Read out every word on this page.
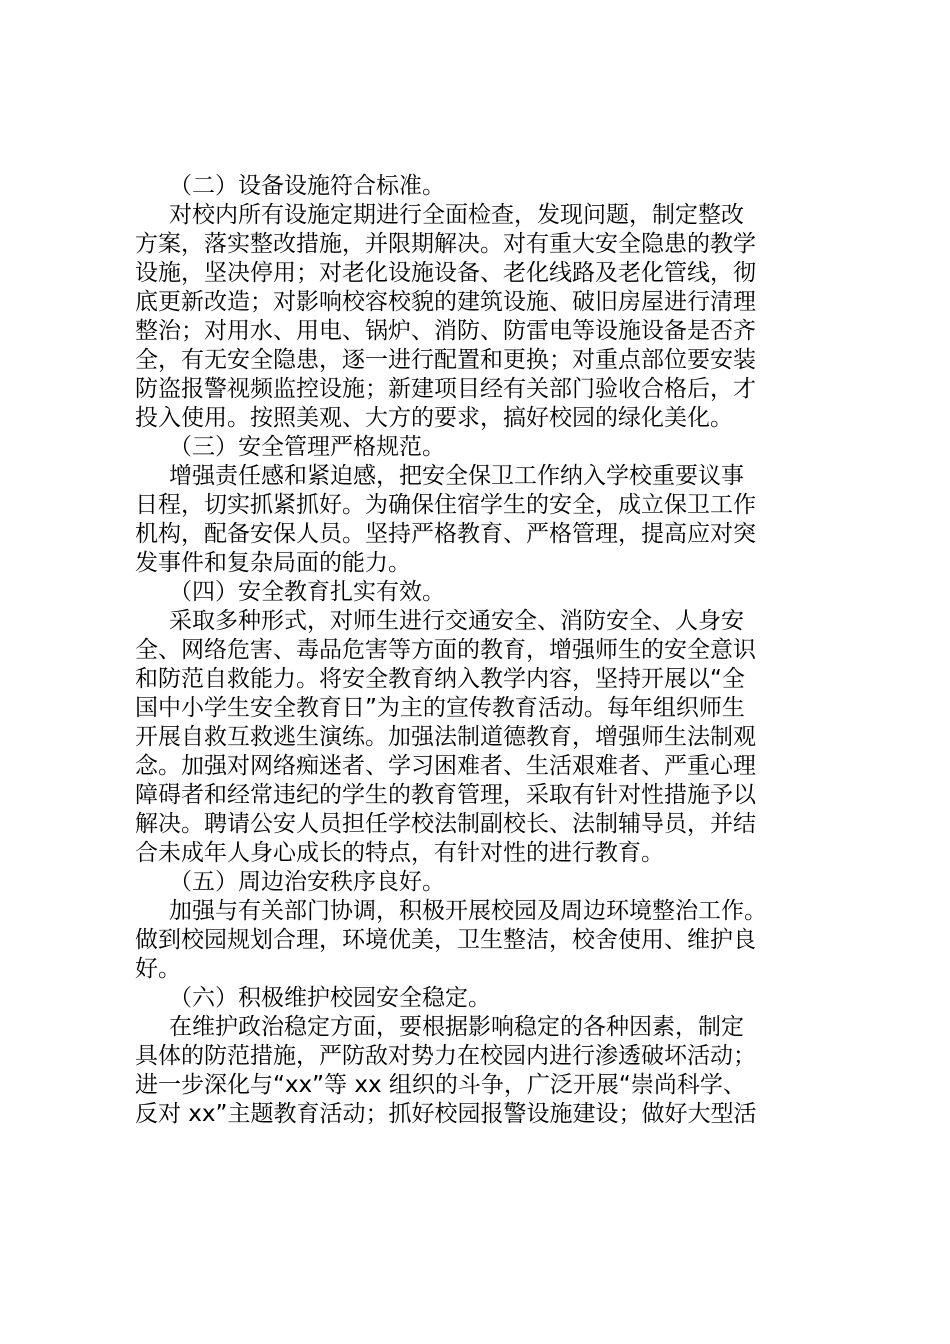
（二）设备设施符合标准。
对校内所有设施定期进行全面检查，发现问题，制定整改
方案，落实整改措施，并限期解决。对有重大安全隐患的教学
设施，坚决停用；对老化设施设备、老化线路及老化管线，彻
底更新改造；对影响校容校貌的建筑设施、破旧房屋进行清理
整治；对用水、用电、锅炉、消防、防雷电等设施设备是否齐
全，有无安全隐患，逐一进行配置和更换；对重点部位要安装
防盗报警视频监控设施；新建项目经有关部门验收合格后，才
投入使用。按照美观、大方的要求，搞好校园的绿化美化。
（三）安全管理严格规范。
增强责任感和紧迫感，把安全保卫工作纳入学校重要议事
日程，切实抓紧抓好。为确保住宿学生的安全，成立保卫工作
机构，配备安保人员。坚持严格教育、严格管理，提高应对突
发事件和复杂局面的能力。
（四）安全教育扎实有效。
采取多种形式，对师生进行交通安全、消防安全、人身安
全、网络危害、毒品危害等方面的教育，增强师生的安全意识
和防范自救能力。将安全教育纳入教学内容，坚持开展以“全
国中小学生安全教育日”为主的宣传教育活动。每年组织师生
开展自救互救逃生演练。加强法制道德教育，增强师生法制观
念。加强对网络痴迷者、学习困难者、生活艰难者、严重心理
障碍者和经常违纪的学生的教育管理，采取有针对性措施予以
解决。聘请公安人员担任学校法制副校长、法制辅导员，并结
合未成年人身心成长的特点，有针对性的进行教育。
（五）周边治安秩序良好。
加强与有关部门协调，积极开展校园及周边环境整治工作。
做到校园规划合理，环境优美，卫生整洁，校舍使用、维护良
好。
（六）积极维护校园安全稳定。
在维护政治稳定方面，要根据影响稳定的各种因素，制定
具体的防范措施，严防敌对势力在校园内进行渗透破坏活动；
进一步深化与“xx”等 xx 组织的斗争，广泛开展“崇尚科学、
反对 xx”主题教育活动；抓好校园报警设施建设；做好大型活
